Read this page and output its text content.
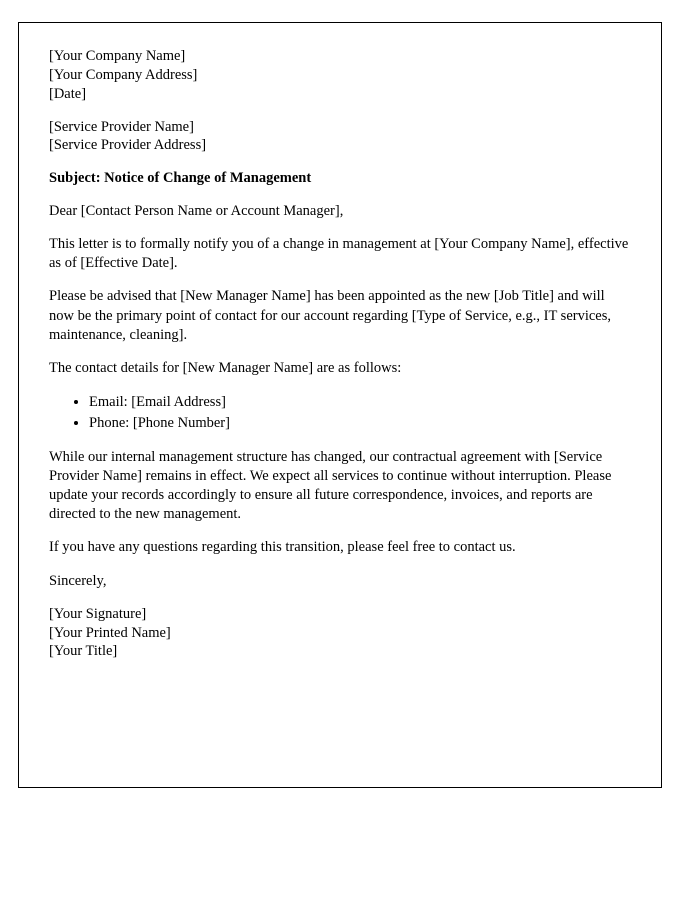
[Your Company Name]
[Your Company Address]
[Date]
[Service Provider Name]
[Service Provider Address]
Subject: Notice of Change of Management
Dear [Contact Person Name or Account Manager],
This letter is to formally notify you of a change in management at [Your Company Name], effective as of [Effective Date].
Please be advised that [New Manager Name] has been appointed as the new [Job Title] and will now be the primary point of contact for our account regarding [Type of Service, e.g., IT services, maintenance, cleaning].
The contact details for [New Manager Name] are as follows:
• Email: [Email Address]
• Phone: [Phone Number]
While our internal management structure has changed, our contractual agreement with [Service Provider Name] remains in effect. We expect all services to continue without interruption. Please update your records accordingly to ensure all future correspondence, invoices, and reports are directed to the new management.
If you have any questions regarding this transition, please feel free to contact us.
Sincerely,
[Your Signature]
[Your Printed Name]
[Your Title]
